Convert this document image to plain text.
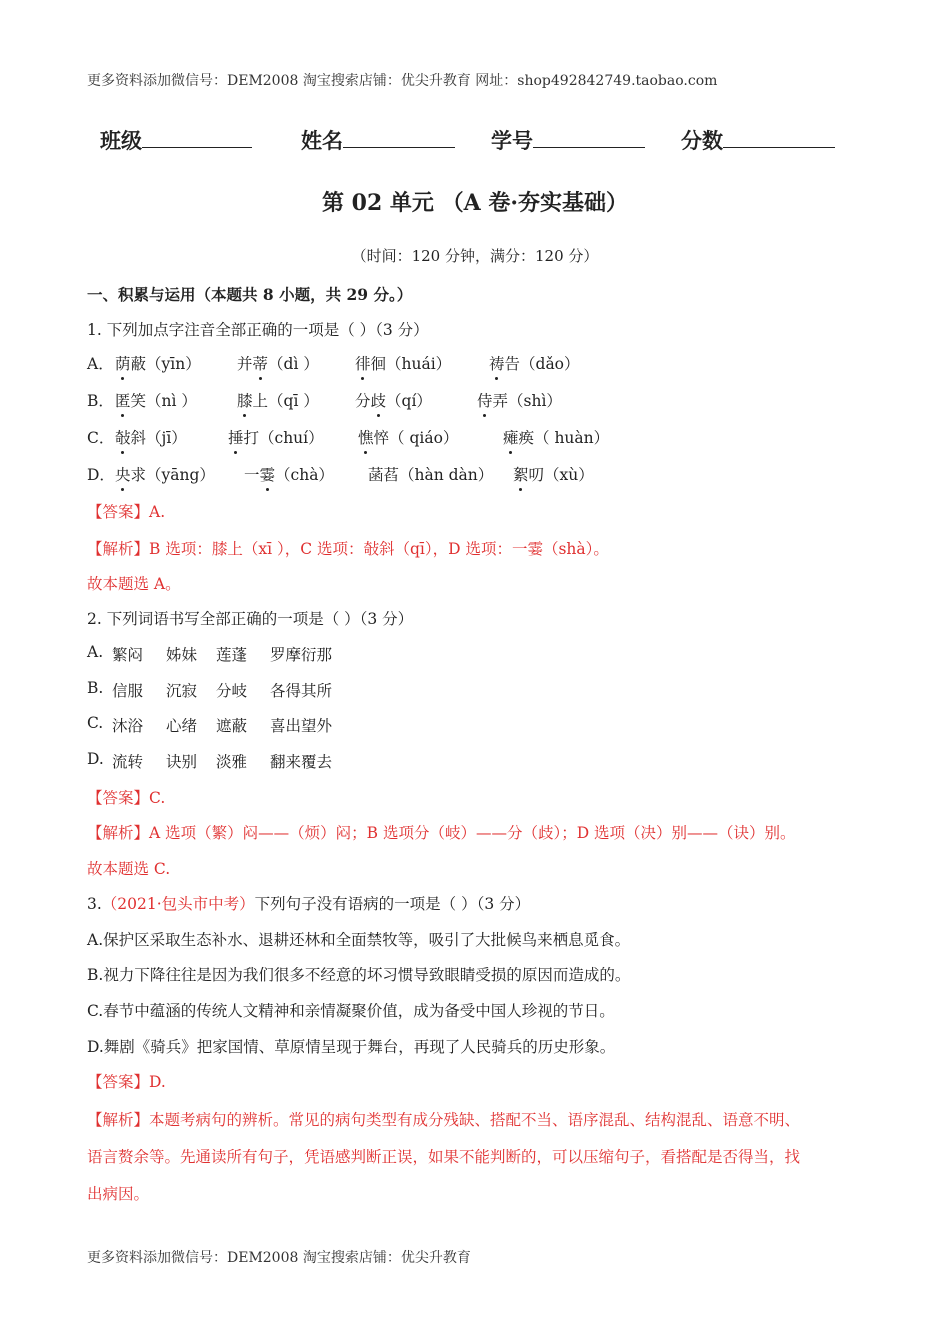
更多资料添加微信号：DEM2008 淘宝搜索店铺：优尖升教育 网址：shop492842749.taobao.com
班级	姓名	学号	分数
第 02 单元 （A 卷·夯实基础）
（时间：120 分钟，满分：120 分）
一、积累与运用（本题共 8 小题，共 29 分。）
1. 下列加点字注音全部正确的一项是（ ）（3 分）
A． 荫蔽（yīn） 并蒂（dì ） 徘徊（huái） 祷告（dǎo）
B． 匿笑（nì ）	膝上（qī ） 分歧（qí）	侍弄（shì）
C． 敧斜（jī）	捶打（chuí） 憔悴（ qiáo）	瘫痪（ huàn）
D． 央求（yāng） 一霎（chà） 菡萏（hàn dàn） 絮叨（xù）
【答案】A.
【解析】B 选项：膝上（xī ），C 选项：敧斜（qī），D 选项：一霎（shà）。
故本题选 A。
2. 下列词语书写全部正确的一项是（ ）（3 分）
A. 繁闷 姊妹 莲蓬 罗摩衍那
B. 信服 沉寂 分岐 各得其所
C. 沐浴 心绪 遮蔽 喜出望外
D. 流转 诀别 淡雅 翻来覆去
【答案】C.
【解析】A 选项（繁）闷——（烦）闷；B 选项分（岐）——分（歧）；D 选项（决）别——（诀）别。
故本题选 C.
3.（2021·包头市中考）下列句子没有语病的一项是（ ）（3 分）
A.保护区采取生态补水、退耕还林和全面禁牧等，吸引了大批候鸟来栖息觅食。
B.视力下降往往是因为我们很多不经意的坏习惯导致眼睛受损的原因而造成的。
C.春节中蕴涵的传统人文精神和亲情凝聚价值，成为备受中国人珍视的节日。
D.舞剧《骑兵》把家国情、草原情呈现于舞台，再现了人民骑兵的历史形象。
【答案】D.
【解析】本题考病句的辨析。常见的病句类型有成分残缺、搭配不当、语序混乱、结构混乱、语意不明、
语言赘余等。先通读所有句子，凭语感判断正误，如果不能判断的，可以压缩句子，看搭配是否得当，找
出病因。
更多资料添加微信号：DEM2008 淘宝搜索店铺：优尖升教育
